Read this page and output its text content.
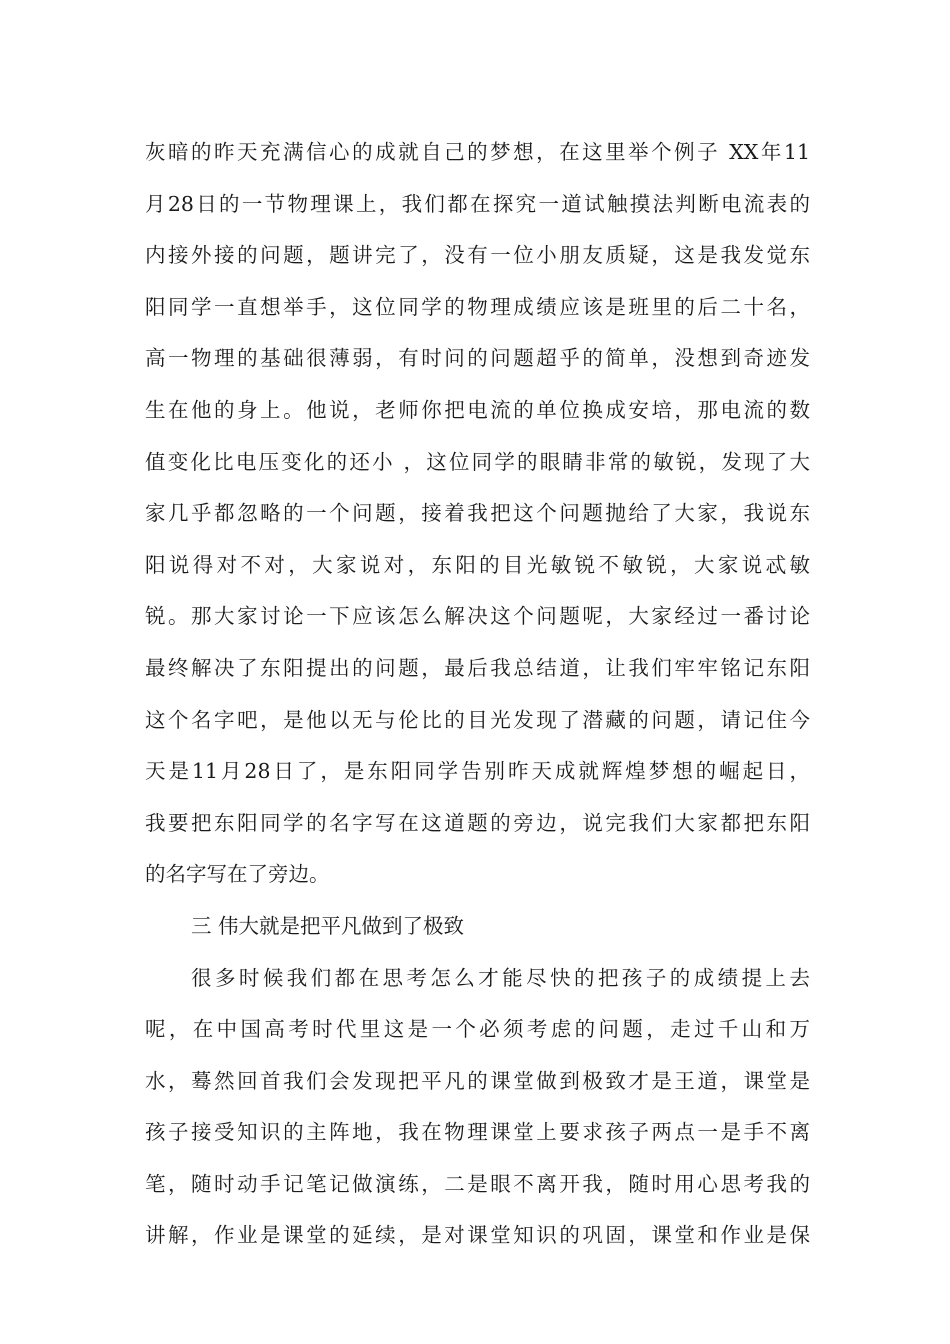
灰暗的昨天充满信心的成就自己的梦想，在这里举个例子 XX年11
月28日的一节物理课上，我们都在探究一道试触摸法判断电流表的
内接外接的问题，题讲完了，没有一位小朋友质疑，这是我发觉东
阳同学一直想举手，这位同学的物理成绩应该是班里的后二十名，
高一物理的基础很薄弱，有时问的问题超乎的简单，没想到奇迹发
生在他的身上。他说，老师你把电流的单位换成安培，那电流的数
值变化比电压变化的还小 ，这位同学的眼睛非常的敏锐，发现了大
家几乎都忽略的一个问题，接着我把这个问题抛给了大家，我说东
阳说得对不对，大家说对，东阳的目光敏锐不敏锐，大家说忒敏
锐。那大家讨论一下应该怎么解决这个问题呢，大家经过一番讨论
最终解决了东阳提出的问题，最后我总结道，让我们牢牢铭记东阳
这个名字吧，是他以无与伦比的目光发现了潜藏的问题，请记住今
天是11月28日了，是东阳同学告别昨天成就辉煌梦想的崛起日，
我要把东阳同学的名字写在这道题的旁边，说完我们大家都把东阳
的名字写在了旁边。
三 伟大就是把平凡做到了极致
很多时候我们都在思考怎么才能尽快的把孩子的成绩提上去
呢，在中国高考时代里这是一个必须考虑的问题，走过千山和万
水，蓦然回首我们会发现把平凡的课堂做到极致才是王道，课堂是
孩子接受知识的主阵地，我在物理课堂上要求孩子两点一是手不离
笔，随时动手记笔记做演练，二是眼不离开我，随时用心思考我的
讲解，作业是课堂的延续，是对课堂知识的巩固，课堂和作业是保
